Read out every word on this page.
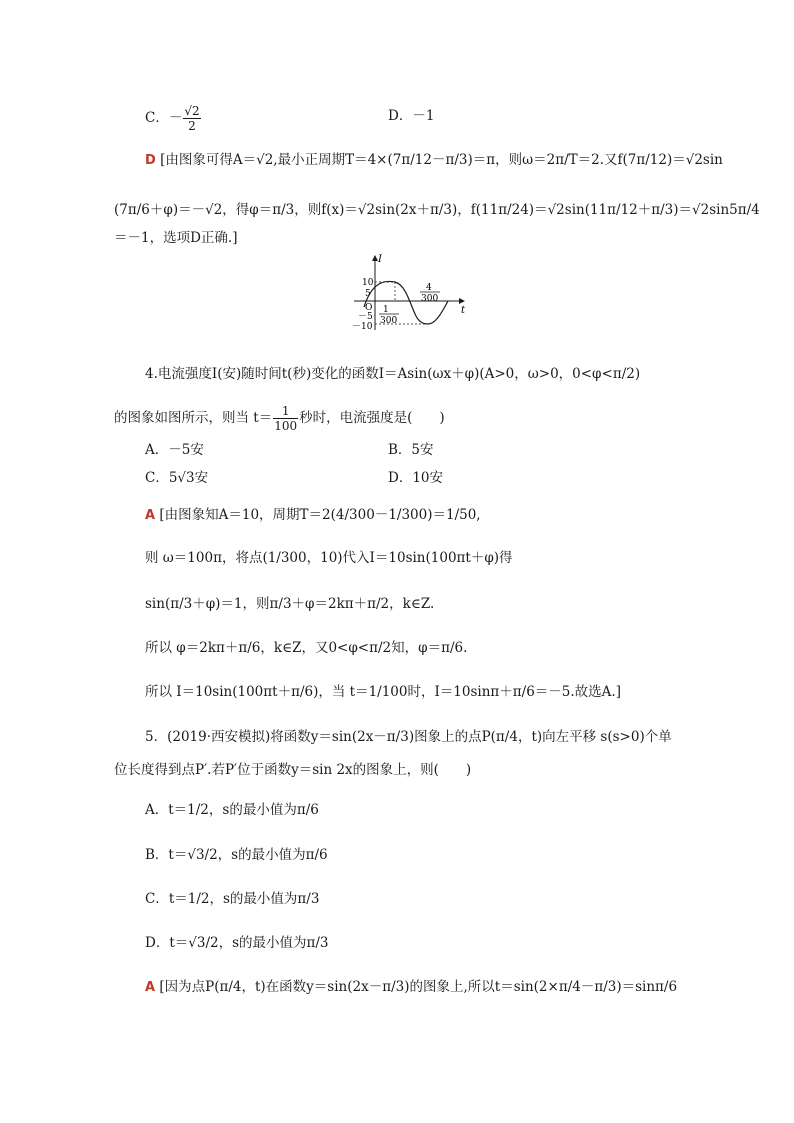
C．－ $\frac{√2}{2}$	D．－1
D [由图象可得A＝√2,最小正周期T＝4×(7π/12－π/3)＝π，则ω＝2π/T＝2.又f(7π/12)＝√2sin
(7π/6＋φ)＝－√2，得φ＝π/3，则f(x)＝√2sin(2x＋π/3)，f(11π/24)＝√2sin(11π/12＋π/3)＝√2sin5π/4
＝－1，选项D正确.]
I
t
O
10
5
－5
－10
1
300
4
300
4.电流强度I(安)随时间t(秒)变化的函数I＝Asin(ωx＋φ)(A>0，ω>0，0<φ<π/2)
的图象如图所示，则当 $t= \frac{1}{100}$ 秒时，电流强度是(　　)
A．－5安	B．5安
C．5√3安	D．10安
A [由图象知A＝10，周期T＝2(4/300－1/300)＝1/50,
则 ω＝100π，将点(1/300，10)代入I＝10sin(100πt＋φ)得
sin(π/3＋φ)＝1，则π/3＋φ＝2kπ＋π/2，k∈Z.
所以 φ＝2kπ＋π/6，k∈Z，又0<φ<π/2知，φ＝π/6.
所以 I＝10sin(100πt＋π/6)，当 t＝1/100时，I＝10sinπ＋π/6＝－5.故选A.]
5．(2019·西安模拟)将函数y＝sin(2x－π/3)图象上的点P(π/4，t)向左平移 s(s>0)个单
位长度得到点P′.若P′位于函数y＝sin 2x的图象上，则(　　)
A．t＝1/2，s的最小值为π/6
B．t＝√3/2，s的最小值为π/6
C．t＝1/2，s的最小值为π/3
D．t＝√3/2，s的最小值为π/3
A [因为点P(π/4，t)在函数y＝sin(2x－π/3)的图象上,所以t＝sin(2×π/4－π/3)＝sinπ/6
